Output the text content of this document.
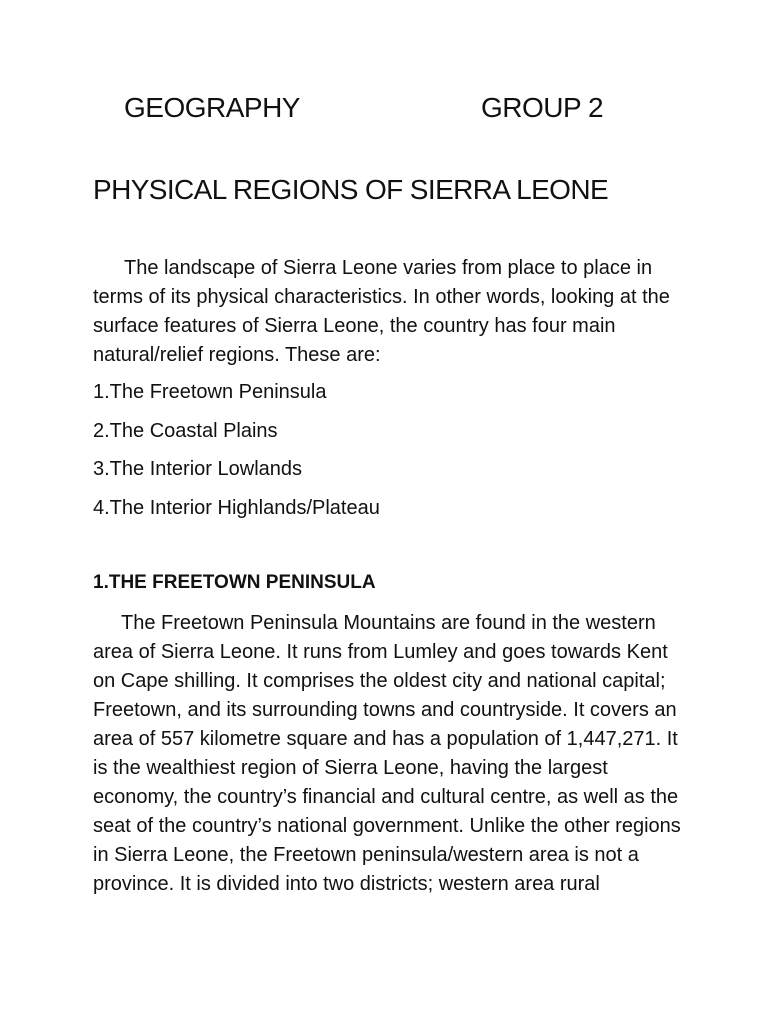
GEOGRAPHY	GROUP 2
PHYSICAL REGIONS OF SIERRA LEONE

The landscape of Sierra Leone varies from place to place in terms of its physical characteristics. In other words, looking at the surface features of Sierra Leone, the country has four main natural/relief regions. These are:

1.The Freetown Peninsula
2.The Coastal Plains
3.The Interior Lowlands
4.The Interior Highlands/Plateau
1.THE FREETOWN PENINSULA

The Freetown Peninsula Mountains are found in the western area of Sierra Leone. It runs from Lumley and goes towards Kent on Cape shilling. It comprises the oldest city and national capital; Freetown, and its surrounding towns and countryside. It covers an area of 557 kilometre square and has a population of 1,447,271. It is the wealthiest region of Sierra Leone, having the largest economy, the country’s financial and cultural centre, as well as the seat of the country’s national government. Unlike the other regions in Sierra Leone, the Freetown peninsula/western area is not a province. It is divided into two districts; western area rural
